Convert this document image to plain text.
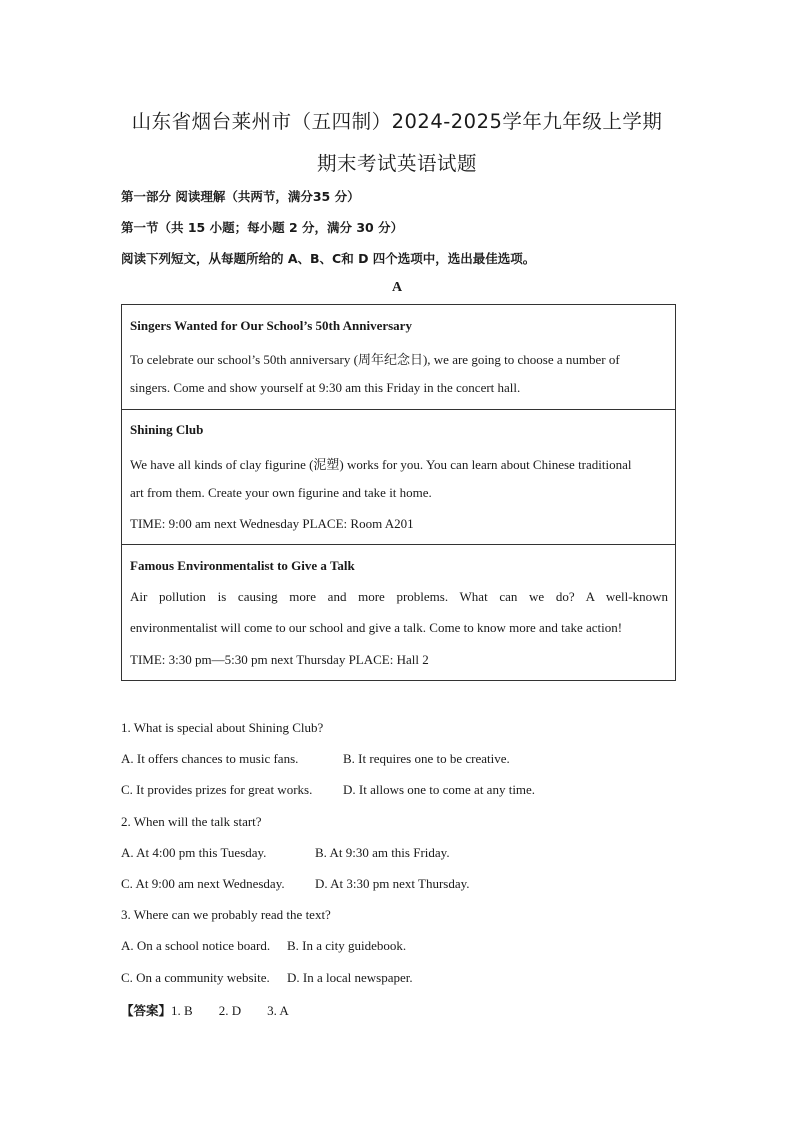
山东省烟台莱州市（五四制）2024-2025学年九年级上学期
期末考试英语试题
第一部分 阅读理解（共两节，满分35 分）
第一节（共 15 小题；每小题 2 分，满分 30 分）
阅读下列短文，从每题所给的 A、B、C和 D 四个选项中，选出最佳选项。
A
Singers Wanted for Our School’s 50th Anniversary
To celebrate our school’s 50th anniversary (周年纪念日), we are going to choose a number of
singers. Come and show yourself at 9:30 am this Friday in the concert hall.
Shining Club
We have all kinds of clay figurine (泥塑) works for you. You can learn about Chinese traditional
art from them. Create your own figurine and take it home.
TIME: 9:00 am next Wednesday PLACE: Room A201
Famous Environmentalist to Give a Talk
Air pollution is causing more and more problems. What can we do? A well-known
environmentalist will come to our school and give a talk. Come to know more and take action!
TIME: 3:30 pm—5:30 pm next Thursday PLACE: Hall 2
1. What is special about Shining Club?
A. It offers chances to music fans.	B. It requires one to be creative.
C. It provides prizes for great works. D. It allows one to come at any time.
2. When will the talk start?
A. At 4:00 pm this Tuesday.	B. At 9:30 am this Friday.
C. At 9:00 am next Wednesday. D. At 3:30 pm next Thursday.
3. Where can we probably read the text?
A. On a school notice board. B. In a city guidebook.
C. On a community website. D. In a local newspaper.
【答案】1. B 2. D 3. A
